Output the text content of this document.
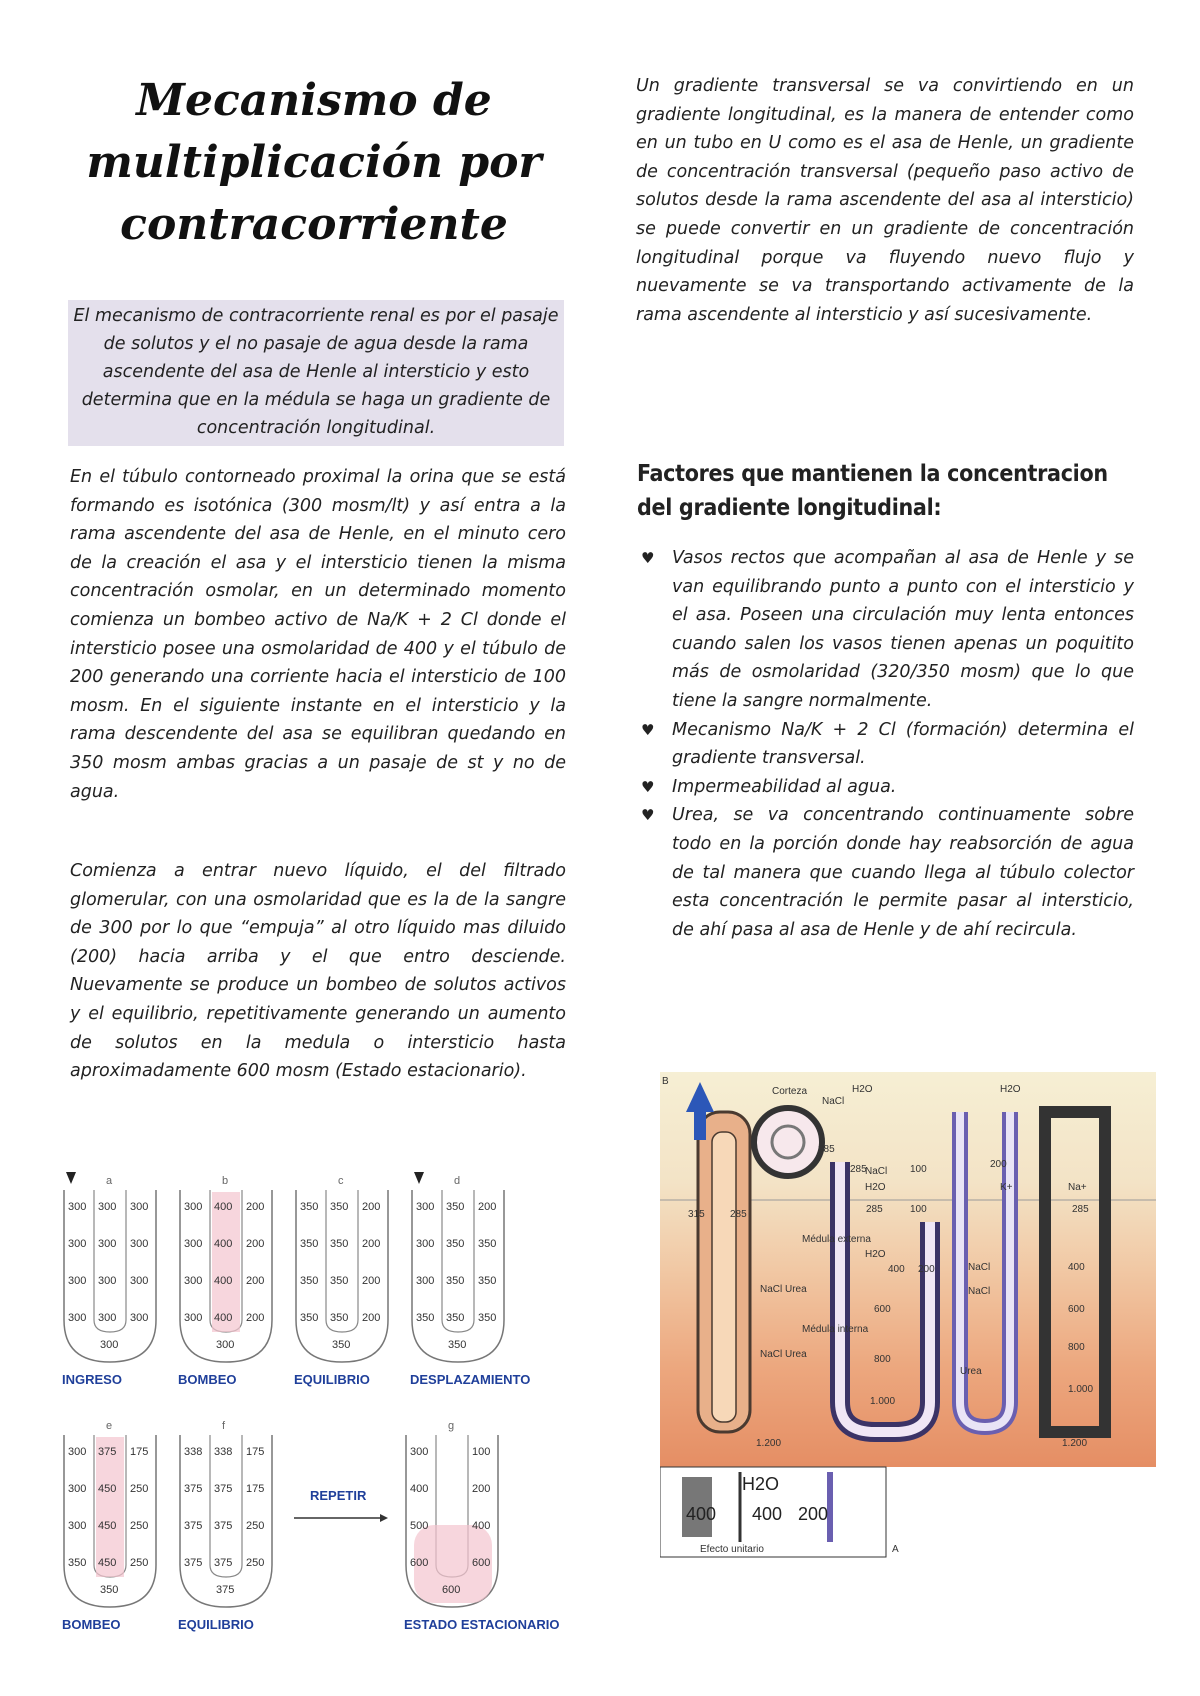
Mecanismo de multiplicación por contracorriente

El mecanismo de contracorriente renal es por el pasaje de solutos y el no pasaje de agua desde la rama ascendente del asa de Henle al intersticio y esto determina que en la médula se haga un gradiente de concentración longitudinal.

En el túbulo contorneado proximal la orina que se está formando es isotónica (300 mosm/lt) y así entra a la rama ascendente del asa de Henle, en el minuto cero de la creación el asa y el intersticio tienen la misma concentración osmolar, en un determinado momento comienza un bombeo activo de Na/K + 2 Cl donde el intersticio posee una osmolaridad de 400 y el túbulo de 200 generando una corriente hacia el intersticio de 100 mosm. En el siguiente instante en el intersticio y la rama descendente del asa se equilibran quedando en 350 mosm ambas gracias a un pasaje de st y no de agua.

Comienza a entrar nuevo líquido, el del filtrado glomerular, con una osmolaridad que es la de la sangre de 300 por lo que “empuja” al otro líquido mas diluido (200) hacia arriba y el que entro desciende. Nuevamente se produce un bombeo de solutos activos y el equilibrio, repetitivamente generando un aumento de solutos en la medula o intersticio hasta aproximadamente 600 mosm (Estado estacionario).

Un gradiente transversal se va convirtiendo en un gradiente longitudinal, es la manera de entender como en un tubo en U como es el asa de Henle, un gradiente de concentración transversal (pequeño paso activo de solutos desde la rama ascendente del asa al intersticio) se puede convertir en un gradiente de concentración longitudinal porque va fluyendo nuevo flujo y nuevamente se va transportando activamente de la rama ascendente al intersticio y así sucesivamente.

Factores que mantienen la concentracion del gradiente longitudinal:
♥ Vasos rectos que acompañan al asa de Henle y se van equilibrando punto a punto con el intersticio y el asa. Poseen una circulación muy lenta entonces cuando salen los vasos tienen apenas un poquitito más de osmolaridad (320/350 mosm) que lo que tiene la sangre normalmente.
♥ Mecanismo Na/K + 2 Cl (formación) determina el gradiente transversal.
♥ Impermeabilidad al agua.
♥ Urea, se va concentrando continuamente sobre todo en la porción donde hay reabsorción de agua de tal manera que cuando llega al túbulo colector esta concentración le permite pasar al intersticio, de ahí pasa al asa de Henle y de ahí recircula.
a
300 300 300
300 300 300
300 300 300
300 300 300
300
INGRESO
b
300 400 200
300 400 200
300 400 200
300 400 200
300
BOMBEO
c
350 350 200
350 350 200
350 350 200
350 350 200
350
EQUILIBRIO
d
300 350 200
300 350 350
300 350 350
350 350 350
350
DESPLAZAMIENTO
e
300 375 175
300 450 250
300 450 250
350 450 250
350
BOMBEO
f
338 338 175
375 375 175
375 375 250
375 375 250
375
EQUILIBRIO
g
300	100
400	200
500	400
600	600
600
ESTADO ESTACIONARIO
REPETIR
Corteza
Médula externa
Médula interna
H2O
NaCl
H2O
NaCl
H2O
H2O
NaCl
NaCl
NaCl Urea
NaCl Urea
Urea
K+	Na+
285
285
285	285
100
100
200
285
315
400 200
600
800
1.000
1.200	1.200
400
600
800
1.000
B
400 400 200
H2O
Efecto unitario	A
